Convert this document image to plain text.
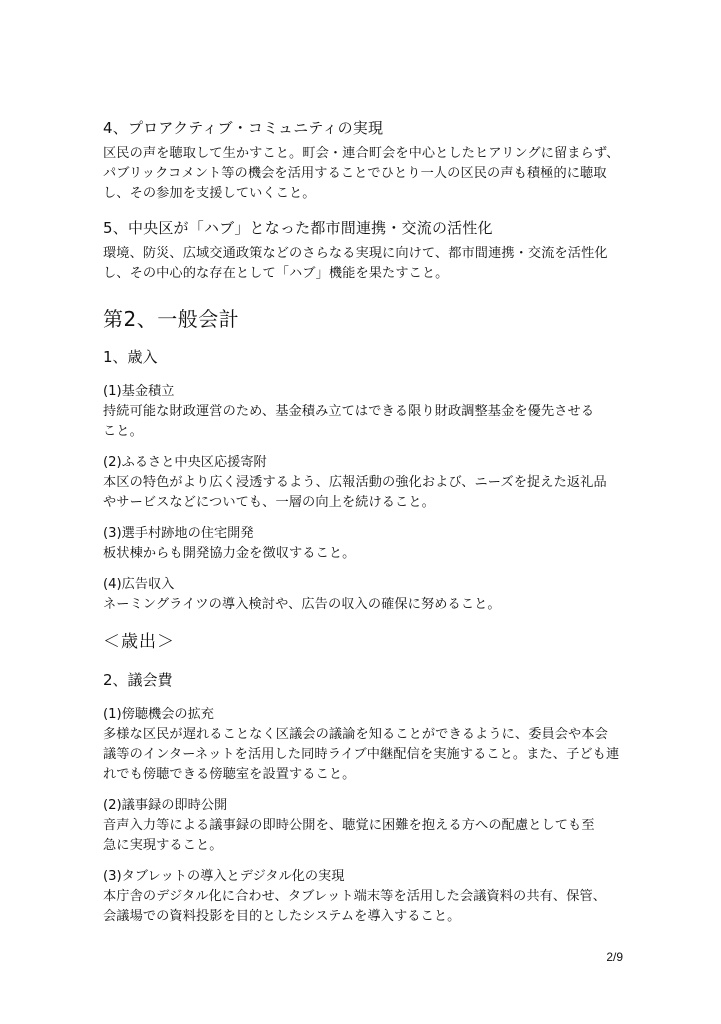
4、プロアクティブ・コミュニティの実現

区民の声を聴取して生かすこと。町会・連合町会を中心としたヒアリングに留まらず、

パブリックコメント等の機会を活用することでひとり一人の区民の声も積極的に聴取

し、その参加を支援していくこと。

5、中央区が「ハブ」となった都市間連携・交流の活性化

環境、防災、広域交通政策などのさらなる実現に向けて、都市間連携・交流を活性化

し、その中心的な存在として「ハブ」機能を果たすこと。

第2、一般会計
1、歳入
(1)基金積立

持続可能な財政運営のため、基金積み立てはできる限り財政調整基金を優先させる

こと。

(2)ふるさと中央区応援寄附

本区の特色がより広く浸透するよう、広報活動の強化および、ニーズを捉えた返礼品

やサービスなどについても、一層の向上を続けること。

(3)選手村跡地の住宅開発

板状棟からも開発協力金を徴収すること。

(4)広告収入

ネーミングライツの導入検討や、広告の収入の確保に努めること。

＜歳出＞
2、議会費
(1)傍聴機会の拡充

多様な区民が遅れることなく区議会の議論を知ることができるように、委員会や本会

議等のインターネットを活用した同時ライブ中継配信を実施すること。また、子ども連

れでも傍聴できる傍聴室を設置すること。

(2)議事録の即時公開

音声入力等による議事録の即時公開を、聴覚に困難を抱える方への配慮としても至

急に実現すること。

(3)タブレットの導入とデジタル化の実現

本庁舎のデジタル化に合わせ、タブレット端末等を活用した会議資料の共有、保管、

会議場での資料投影を目的としたシステムを導入すること。

2/9
